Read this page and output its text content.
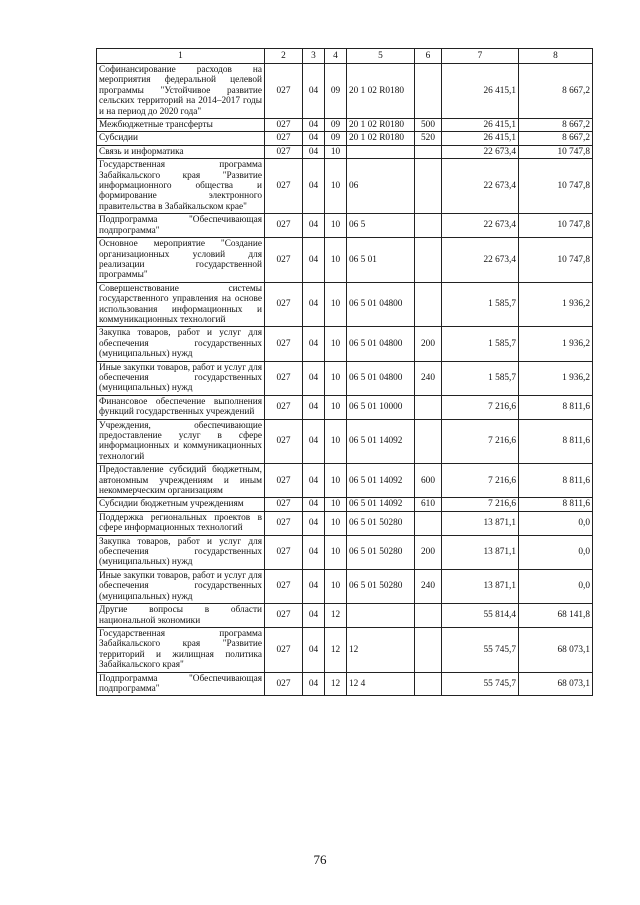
1	2	3	4	5	6	7	8
Софинансирование расходов на мероприятия федеральной целевой программы "Устойчивое развитие сельских территорий на 2014–2017 годы и на период до 2020 года"	027	04	09	20 1 02 R0180		26 415,1	8 667,2
Межбюджетные трансферты	027	04	09	20 1 02 R0180	500	26 415,1	8 667,2
Субсидии	027	04	09	20 1 02 R0180	520	26 415,1	8 667,2
Связь и информатика	027	04	10			22 673,4	10 747,8
Государственная программа Забайкальского края "Развитие информационного общества и формирование электронного правительства в Забайкальском крае"	027	04	10	06		22 673,4	10 747,8
Подпрограмма "Обеспечивающая подпрограмма"	027	04	10	06 5		22 673,4	10 747,8
Основное мероприятие "Создание организационных условий для реализации государственной программы"	027	04	10	06 5 01		22 673,4	10 747,8
Совершенствование системы государственного управления на основе использования информационных и коммуникационных технологий	027	04	10	06 5 01 04800		1 585,7	1 936,2
Закупка товаров, работ и услуг для обеспечения государственных (муниципальных) нужд	027	04	10	06 5 01 04800	200	1 585,7	1 936,2
Иные закупки товаров, работ и услуг для обеспечения государственных (муниципальных) нужд	027	04	10	06 5 01 04800	240	1 585,7	1 936,2
Финансовое обеспечение выполнения функций государственных учреждений	027	04	10	06 5 01 10000		7 216,6	8 811,6
Учреждения, обеспечивающие предоставление услуг в сфере информационных и коммуникационных технологий	027	04	10	06 5 01 14092		7 216,6	8 811,6
Предоставление субсидий бюджетным, автономным учреждениям и иным некоммерческим организациям	027	04	10	06 5 01 14092	600	7 216,6	8 811,6
Субсидии бюджетным учреждениям	027	04	10	06 5 01 14092	610	7 216,6	8 811,6
Поддержка региональных проектов в сфере информационных технологий	027	04	10	06 5 01 50280		13 871,1	0,0
Закупка товаров, работ и услуг для обеспечения государственных (муниципальных) нужд	027	04	10	06 5 01 50280	200	13 871,1	0,0
Иные закупки товаров, работ и услуг для обеспечения государственных (муниципальных) нужд	027	04	10	06 5 01 50280	240	13 871,1	0,0
Другие вопросы в области национальной экономики	027	04	12			55 814,4	68 141,8
Государственная программа Забайкальского края "Развитие территорий и жилищная политика Забайкальского края"	027	04	12	12		55 745,7	68 073,1
Подпрограмма "Обеспечивающая подпрограмма"	027	04	12	12 4		55 745,7	68 073,1
76
